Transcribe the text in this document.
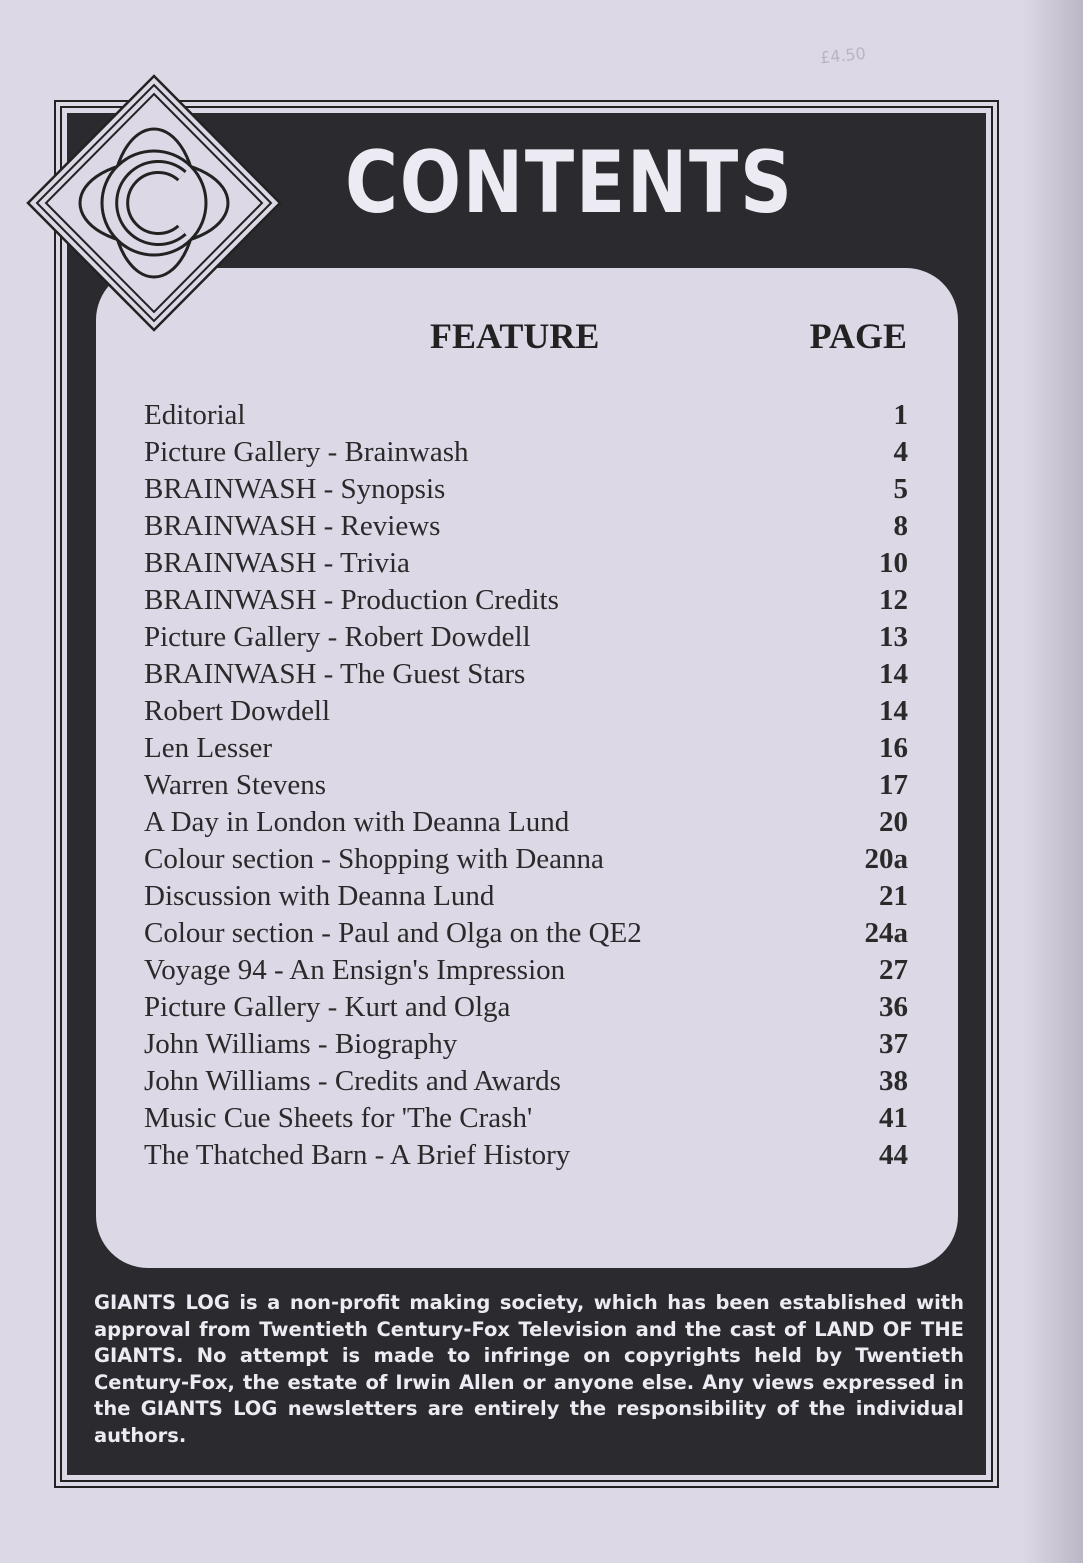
£4.50
CONTENTS
FEATURE	PAGE
Editorial	1
Picture Gallery - Brainwash	4
BRAINWASH - Synopsis	5
BRAINWASH - Reviews	8
BRAINWASH - Trivia	10
BRAINWASH - Production Credits	12
Picture Gallery - Robert Dowdell	13
BRAINWASH - The Guest Stars	14
Robert Dowdell	14
Len Lesser	16
Warren Stevens	17
A Day in London with Deanna Lund	20
Colour section - Shopping with Deanna	20a
Discussion with Deanna Lund	21
Colour section - Paul and Olga on the QE2	24a
Voyage 94 - An Ensign's Impression	27
Picture Gallery - Kurt and Olga	36
John Williams - Biography	37
John Williams - Credits and Awards	38
Music Cue Sheets for 'The Crash'	41
The Thatched Barn - A Brief History	44

GIANTS LOG is a non-profit making society, which has been established with approval from Twentieth Century-Fox Television and the cast of LAND OF THE GIANTS. No attempt is made to infringe on copyrights held by Twentieth Century-Fox, the estate of Irwin Allen or anyone else. Any views expressed in the GIANTS LOG newsletters are entirely the responsibility of the individual authors.
